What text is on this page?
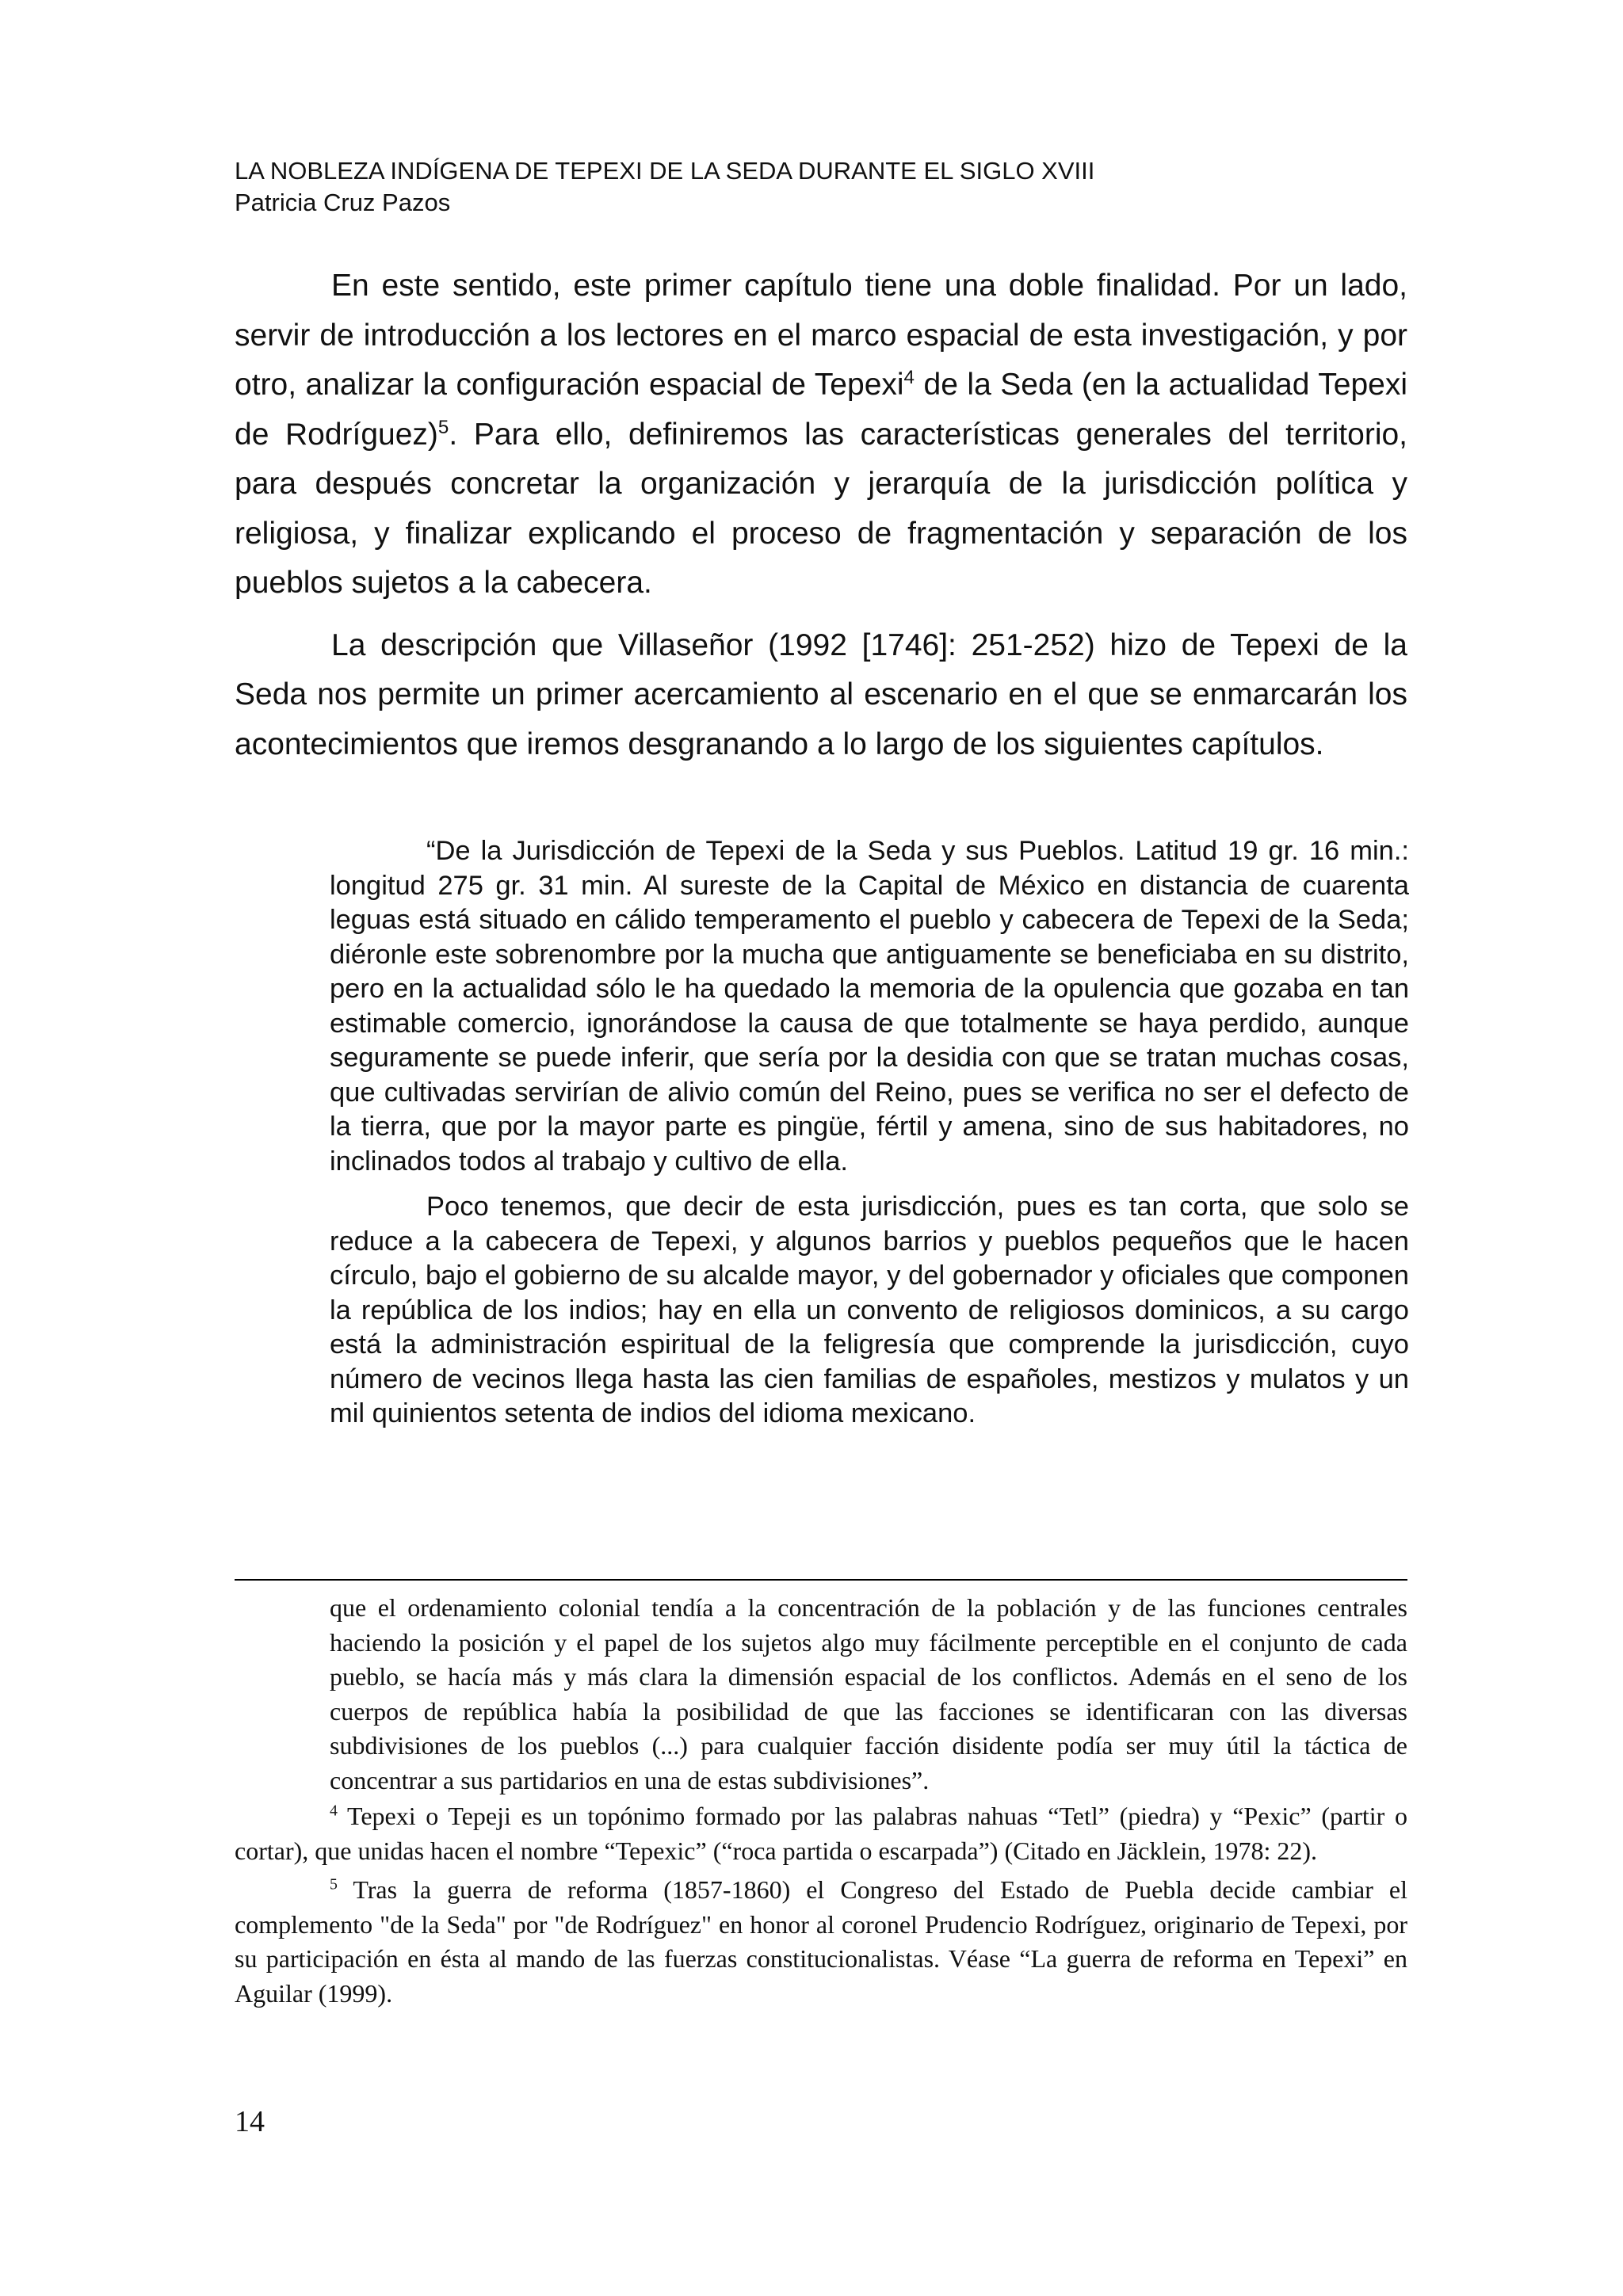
LA NOBLEZA INDÍGENA DE TEPEXI DE LA SEDA DURANTE EL SIGLO XVIII
Patricia Cruz Pazos

En este sentido, este primer capítulo tiene una doble finalidad. Por un lado, servir de introducción a los lectores en el marco espacial de esta investigación, y por otro, analizar la configuración espacial de Tepexi$^4$ de la Seda (en la actualidad Tepexi de Rodríguez)$^5$. Para ello, definiremos las características generales del territorio, para después concretar la organización y jerarquía de la jurisdicción política y religiosa, y finalizar explicando el proceso de fragmentación y separación de los pueblos sujetos a la cabecera.

La descripción que Villaseñor (1992 [1746]: 251-252) hizo de Tepexi de la Seda nos permite un primer acercamiento al escenario en el que se enmarcarán los acontecimientos que iremos desgranando a lo largo de los siguientes capítulos.

“De la Jurisdicción de Tepexi de la Seda y sus Pueblos. Latitud 19 gr. 16 min.: longitud 275 gr. 31 min. Al sureste de la Capital de México en distancia de cuarenta leguas está situado en cálido temperamento el pueblo y cabecera de Tepexi de la Seda; diéronle este sobrenombre por la mucha que antiguamente se beneficiaba en su distrito, pero en la actualidad sólo le ha quedado la memoria de la opulencia que gozaba en tan estimable comercio, ignorándose la causa de que totalmente se haya perdido, aunque seguramente se puede inferir, que sería por la desidia con que se tratan muchas cosas, que cultivadas servirían de alivio común del Reino, pues se verifica no ser el defecto de la tierra, que por la mayor parte es pingüe, fértil y amena, sino de sus habitadores, no inclinados todos al trabajo y cultivo de ella.

Poco tenemos, que decir de esta jurisdicción, pues es tan corta, que solo se reduce a la cabecera de Tepexi, y algunos barrios y pueblos pequeños que le hacen círculo, bajo el gobierno de su alcalde mayor, y del gobernador y oficiales que componen la república de los indios; hay en ella un convento de religiosos dominicos, a su cargo está la administración espiritual de la feligresía que comprende la jurisdicción, cuyo número de vecinos llega hasta las cien familias de españoles, mestizos y mulatos y un mil quinientos setenta de indios del idioma mexicano.

que el ordenamiento colonial tendía a la concentración de la población y de las funciones centrales haciendo la posición y el papel de los sujetos algo muy fácilmente perceptible en el conjunto de cada pueblo, se hacía más y más clara la dimensión espacial de los conflictos. Además en el seno de los cuerpos de república había la posibilidad de que las facciones se identificaran con las diversas subdivisiones de los pueblos (...) para cualquier facción disidente podía ser muy útil la táctica de concentrar a sus partidarios en una de estas subdivisiones”.

$^4$ Tepexi o Tepeji es un topónimo formado por las palabras nahuas “Tetl” (piedra) y “Pexic” (partir o cortar), que unidas hacen el nombre “Tepexic” (“roca partida o escarpada”) (Citado en Jäcklein, 1978: 22).

$^5$ Tras la guerra de reforma (1857-1860) el Congreso del Estado de Puebla decide cambiar el complemento "de la Seda" por "de Rodríguez" en honor al coronel Prudencio Rodríguez, originario de Tepexi, por su participación en ésta al mando de las fuerzas constitucionalistas. Véase “La guerra de reforma en Tepexi” en Aguilar (1999).

14
